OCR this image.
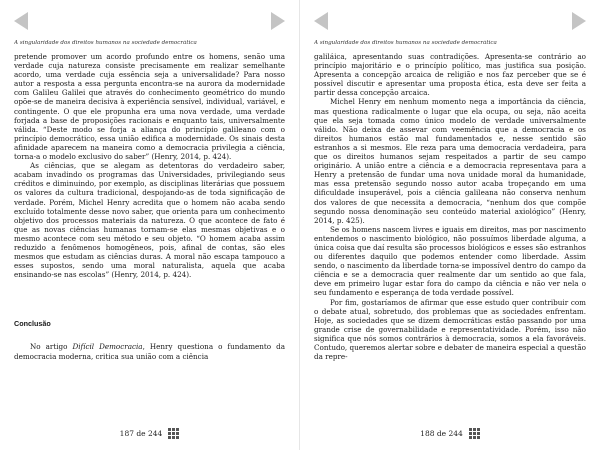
A singularidade dos direitos humanos na sociedade democrática

pretende promover um acordo profundo entre os homens, senão uma verdade cuja natureza consiste precisamente em realizar semelhante acordo, uma verdade cuja essência seja a universalidade? Para nosso autor a resposta a essa pergunta encontra-se na aurora da modernidade com Galileu Galilei que através do conhecimento geométrico do mundo opõe-se de maneira decisiva à experiência sensível, individual, variável, e contingente. O que ele propunha era uma nova verdade, uma verdade forjada a base de proposições racionais e enquanto tais, universalmente válida. “Deste modo se forja a aliança do princípio galileano com o princípio democrático, essa união edifica a modernidade. Os sinais desta afinidade aparecem na maneira como a democracia privilegia a ciência, torna-a o modelo exclusivo do saber” (Henry, 2014, p. 424).

As ciências, que se alegam as detentoras do verdadeiro saber, acabam invadindo os programas das Universidades, privilegiando seus créditos e diminuindo, por exemplo, as disciplinas literárias que possuem os valores da cultura tradicional, despojando-as de toda significação de verdade. Porém, Michel Henry acredita que o homem não acaba sendo excluído totalmente desse novo saber, que orienta para um conhecimento objetivo dos processos materiais da natureza. O que acontece de fato é que as novas ciências humanas tornam-se elas mesmas objetivas e o mesmo acontece com seu método e seu objeto. “O homem acaba assim reduzido a fenômenos homogêneos, pois, afinal de contas, são eles mesmos que estudam as ciências duras. A moral não escapa tampouco a esses supostos, sendo uma moral naturalista, aquela que acaba ensinando-se nas escolas” (Henry, 2014, p. 424).

Conclusão

No artigo Difícil Democracia, Henry questiona o fundamento da democracia moderna, critica sua união com a ciência

187 de 244
A singularidade dos direitos humanos na sociedade democrática

galiláica, apresentando suas contradições. Apresenta-se contrário ao princípio majoritário e o princípio político, mas justifica sua posição. Apresenta a concepção arcaica de religião e nos faz perceber que se é possível discutir e apresentar uma proposta ética, esta deve ser feita a partir dessa concepção arcaica.

Michel Henry em nenhum momento nega a importância da ciência, mas questiona radicalmente o lugar que ela ocupa, ou seja, não aceita que ela seja tomada como único modelo de verdade universalmente válido. Não deixa de assevar com veemência que a democracia e os direitos humanos estão mal fundamentados e, nesse sentido são estranhos a si mesmos. Ele reza para uma democracia verdadeira, para que os direitos humanos sejam respeitados a partir de seu campo originário. A união entre a ciência e a democracia representava para a Henry a pretensão de fundar uma nova unidade moral da humanidade, mas essa pretensão segundo nosso autor acaba tropeçando em uma dificuldade insuperável, pois a ciência galileana não conserva nenhum dos valores de que necessita a democracia, “nenhum dos que compõe segundo nossa denominação seu conteúdo material axiológico” (Henry, 2014, p. 425).

Se os homens nascem livres e iguais em direitos, mas por nascimento entendemos o nascimento biológico, não possuímos liberdade alguma, a única coisa que daí resulta são processos biológicos e esses são estranhos ou diferentes daquilo que podemos entender como liberdade. Assim sendo, o nascimento da liberdade torna-se impossível dentro do campo da ciência e se a democracia quer realmente dar um sentido ao que fala, deve em primeiro lugar estar fora do campo da ciência e não ver nela o seu fundamento e esperança de toda verdade possível.

Por fim, gostaríamos de afirmar que esse estudo quer contribuir com o debate atual, sobretudo, dos problemas que as sociedades enfrentam. Hoje, as sociedades que se dizem democráticas estão passando por uma grande crise de governabilidade e representatividade. Porém, isso não significa que nós somos contrários à democracia, somos a ela favoráveis. Contudo, queremos alertar sobre e debater de maneira especial a questão da repre-

188 de 244
